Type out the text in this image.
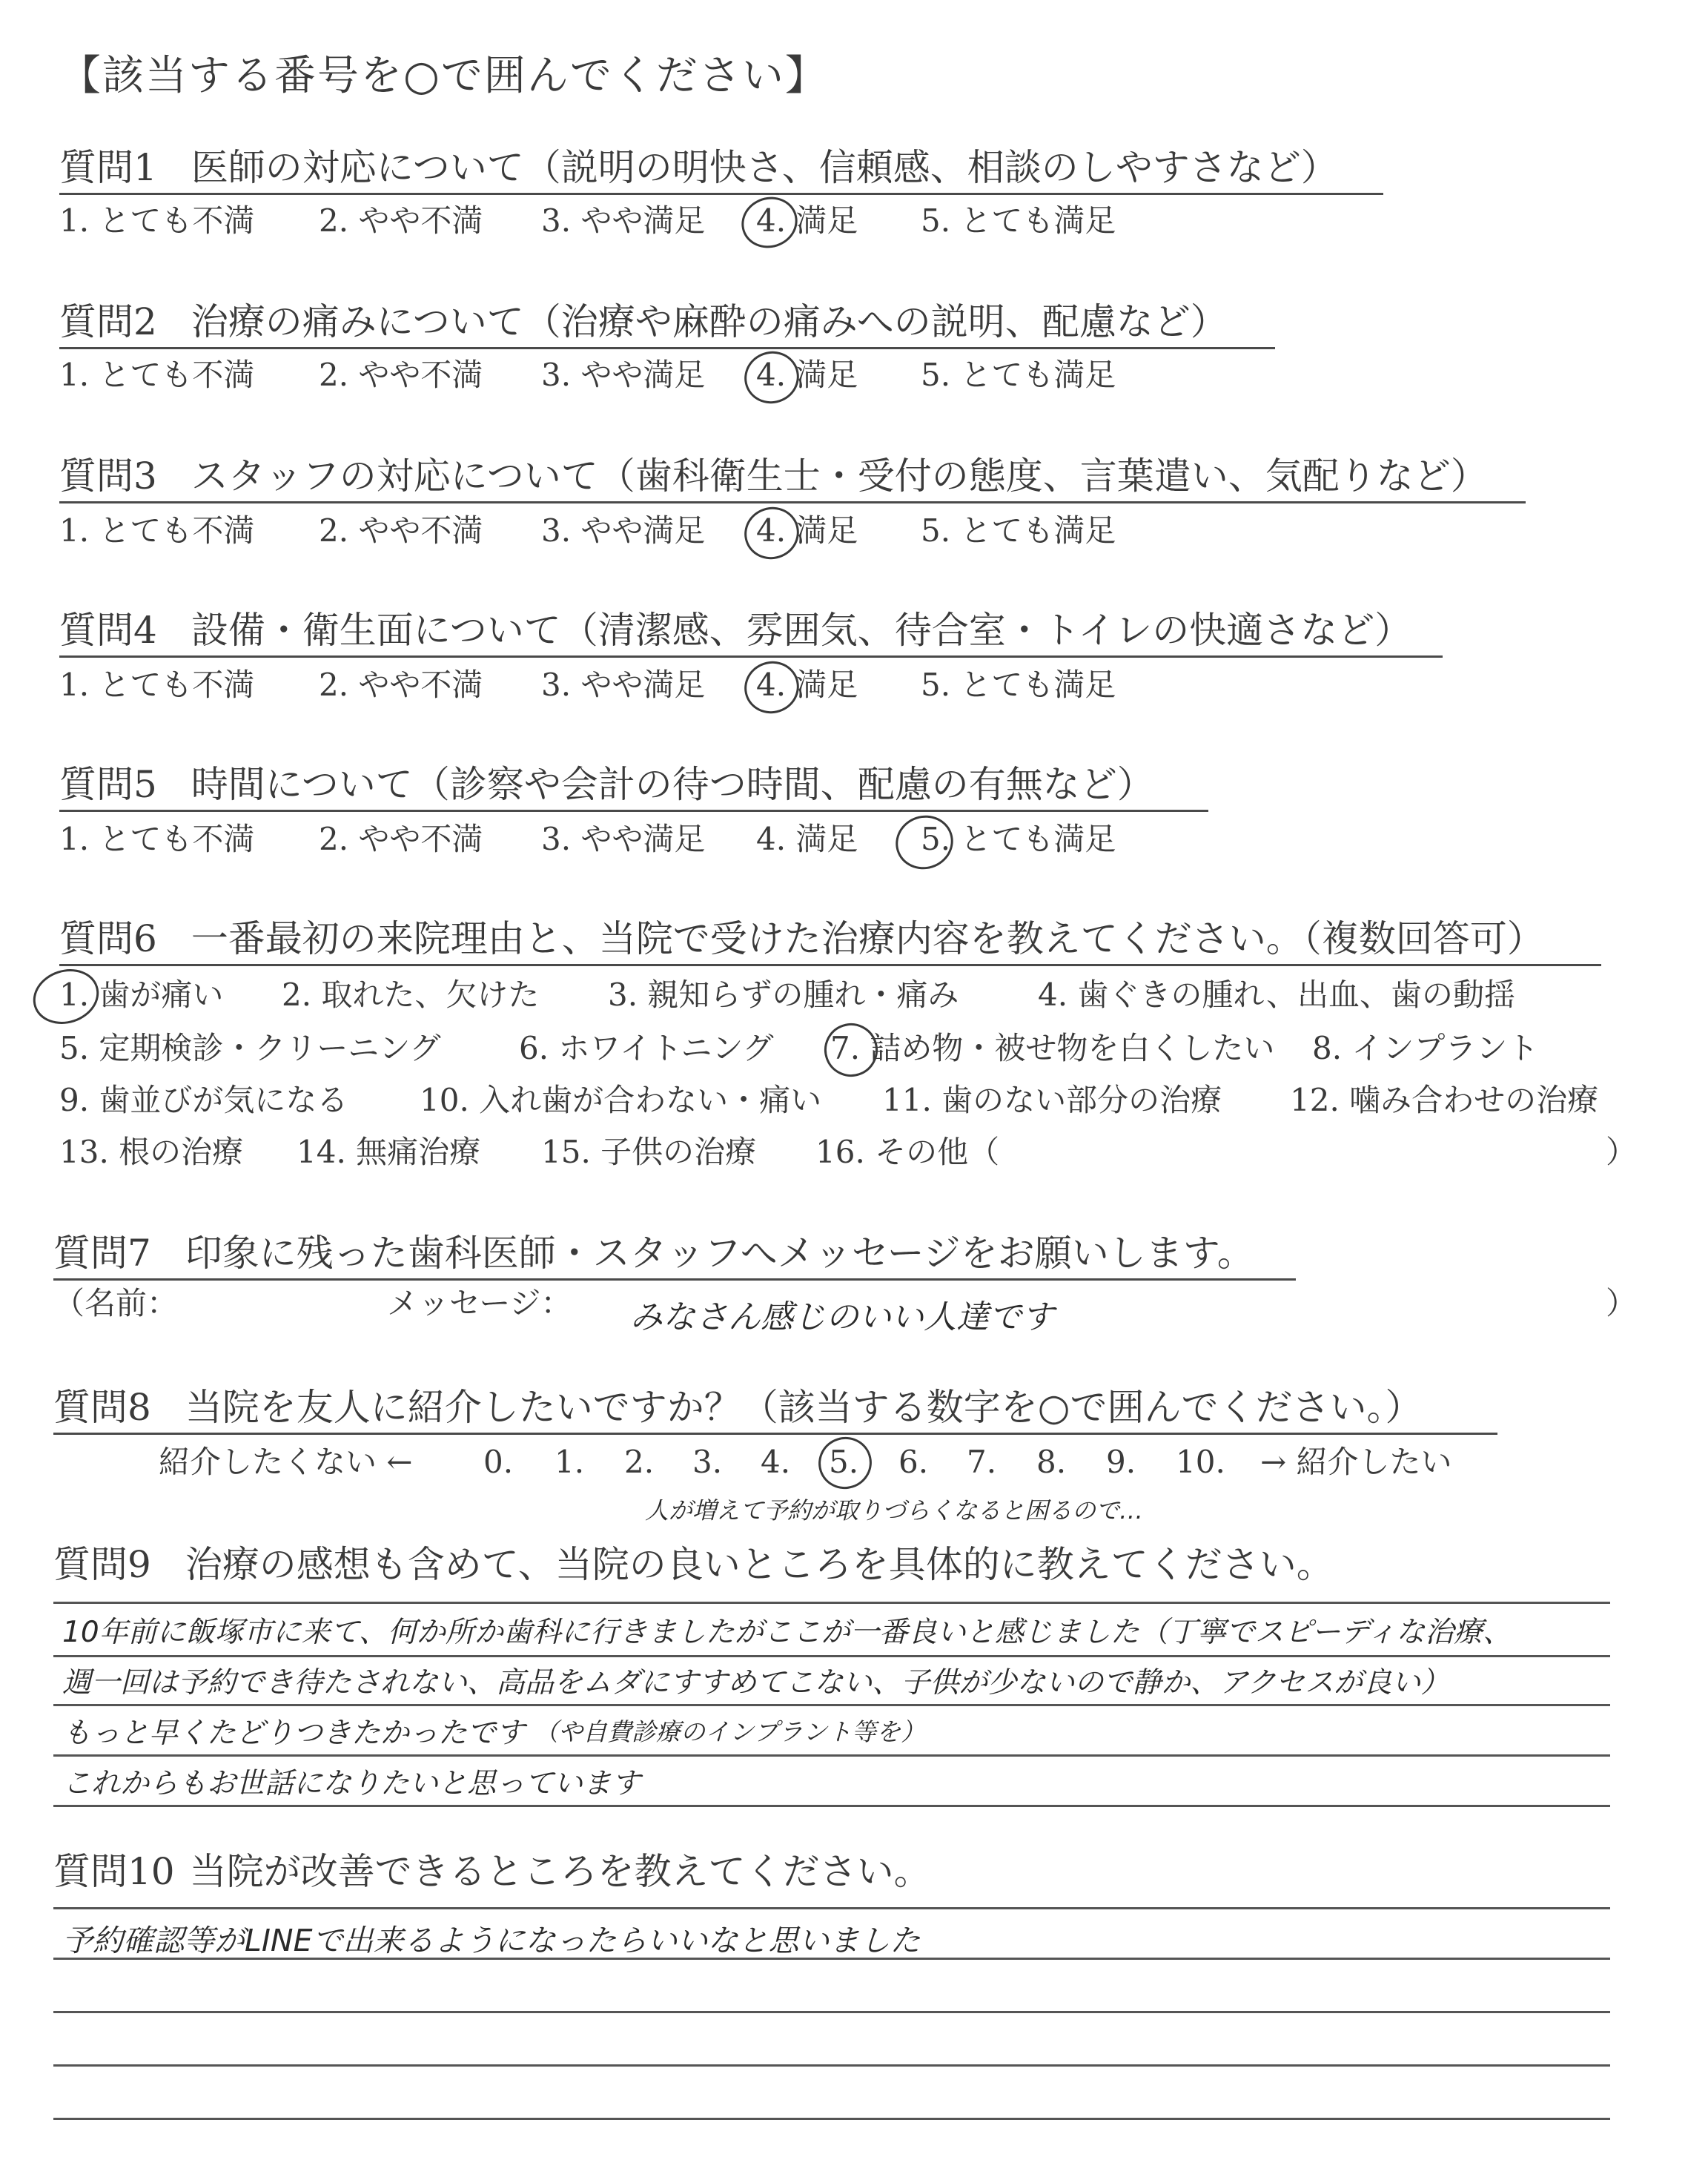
【該当する番号を○で囲んでください】
質問1 医師の対応について（説明の明快さ、信頼感、相談のしやすさなど）
1. とても不満 2. やや不満 3. やや満足 4. 満足 5. とても満足
質問2 治療の痛みについて（治療や麻酔の痛みへの説明、配慮など）
1. とても不満 2. やや不満 3. やや満足 4. 満足 5. とても満足
質問3 スタッフの対応について（歯科衛生士・受付の態度、言葉遣い、気配りなど）
1. とても不満 2. やや不満 3. やや満足 4. 満足 5. とても満足
質問4 設備・衛生面について（清潔感、雰囲気、待合室・トイレの快適さなど）
1. とても不満 2. やや不満 3. やや満足 4. 満足 5. とても満足
質問5 時間について（診察や会計の待つ時間、配慮の有無など）
1. とても不満 2. やや不満 3. やや満足 4. 満足 5. とても満足
質問6 一番最初の来院理由と、当院で受けた治療内容を教えてください。（複数回答可）
1. 歯が痛い 2. 取れた、欠けた 3. 親知らずの腫れ・痛み	4. 歯ぐきの腫れ、出血、歯の動揺
5. 定期検診・クリーニング	6. ホワイトニング 7. 詰め物・被せ物を白くしたい 8. インプラント
9. 歯並びが気になる 10. 入れ歯が合わない・痛い 11. 歯のない部分の治療 12. 噛み合わせの治療
13. 根の治療 14. 無痛治療 15. 子供の治療 16. その他（	）
質問7 印象に残った歯科医師・スタッフへメッセージをお願いします。
（名前：	メッセージ：	）
みなさん感じのいい人達です
質問8 当院を友人に紹介したいですか？（該当する数字を○で囲んでください。）
紹介したくない ← 0. 1. 2. 3. 4. 5. 6. 7. 8. 9. 10. → 紹介したい
人が増えて予約が取りづらくなると困るので…
質問9 治療の感想も含めて、当院の良いところを具体的に教えてください。
10年前に飯塚市に来て、何か所か歯科に行きましたがここが一番良いと感じました（丁寧でスピーディな治療、
週一回は予約でき待たされない、高品をムダにすすめてこない、子供が少ないので静か、アクセスが良い）
もっと早くたどりつきたかったです （や自費診療のインプラント等を）
これからもお世話になりたいと思っています
質問10 当院が改善できるところを教えてください。
予約確認等がLINEで出来るようになったらいいなと思いました
